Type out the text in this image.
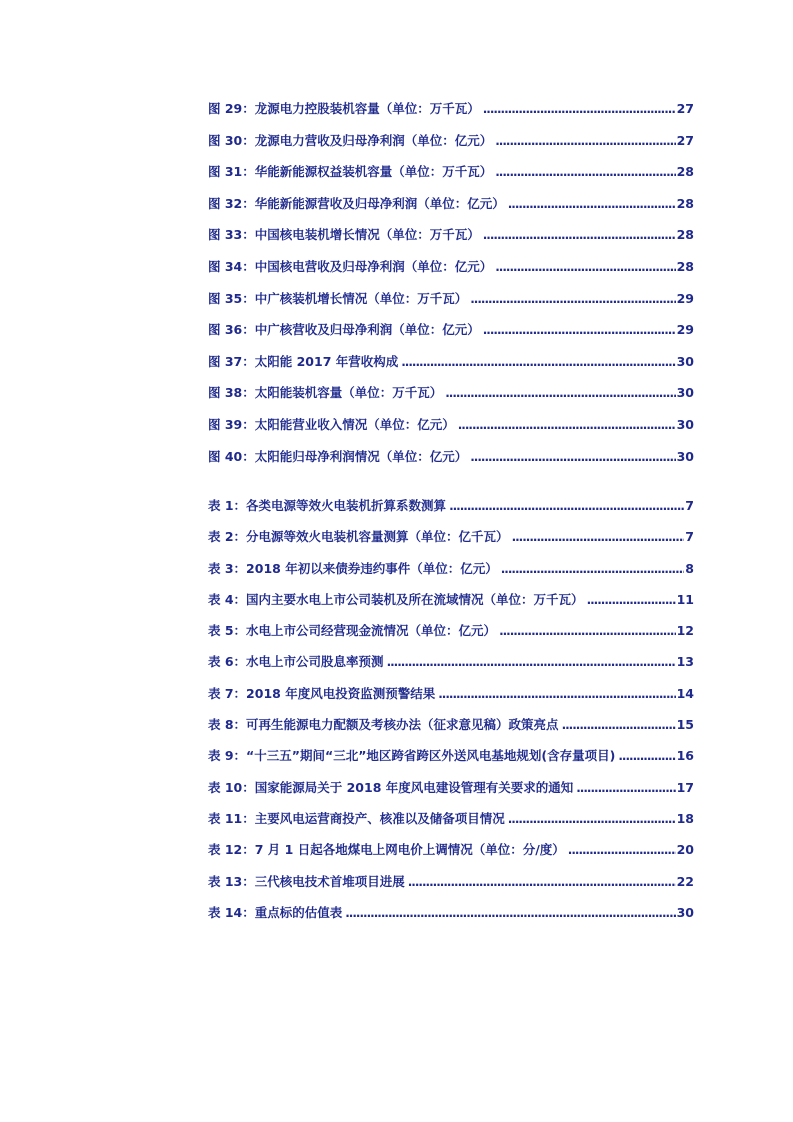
图 29：龙源电力控股装机容量（单位：万千瓦） .....	27
图 30：龙源电力营收及归母净利润（单位：亿元） .....	27
图 31：华能新能源权益装机容量（单位：万千瓦） .....	28
图 32：华能新能源营收及归母净利润（单位：亿元） .....	28
图 33：中国核电装机增长情况（单位：万千瓦） .....	28
图 34：中国核电营收及归母净利润（单位：亿元） .....	28
图 35：中广核装机增长情况（单位：万千瓦） .....	29
图 36：中广核营收及归母净利润（单位：亿元） .....	29
图 37：太阳能 2017 年营收构成 .....	30
图 38：太阳能装机容量（单位：万千瓦） .....	30
图 39：太阳能营业收入情况（单位：亿元） .....	30
图 40：太阳能归母净利润情况（单位：亿元） .....	30
表 1：各类电源等效火电装机折算系数测算 .....	7
表 2：分电源等效火电装机容量测算（单位：亿千瓦） .....	7
表 3：2018 年初以来债券违约事件（单位：亿元） .....	8
表 4：国内主要水电上市公司装机及所在流域情况（单位：万千瓦） .....	11
表 5：水电上市公司经营现金流情况（单位：亿元） .....	12
表 6：水电上市公司股息率预测 .....	13
表 7：2018 年度风电投资监测预警结果 .....	14
表 8：可再生能源电力配额及考核办法（征求意见稿）政策亮点 .....	15
表 9：“十三五”期间“三北”地区跨省跨区外送风电基地规划(含存量项目) .....	16
表 10：国家能源局关于 2018 年度风电建设管理有关要求的通知 .....	17
表 11：主要风电运营商投产、核准以及储备项目情况 .....	18
表 12：7 月 1 日起各地煤电上网电价上调情况（单位：分/度） .....	20
表 13：三代核电技术首堆项目进展 .....	22
表 14：重点标的估值表 .....	30
